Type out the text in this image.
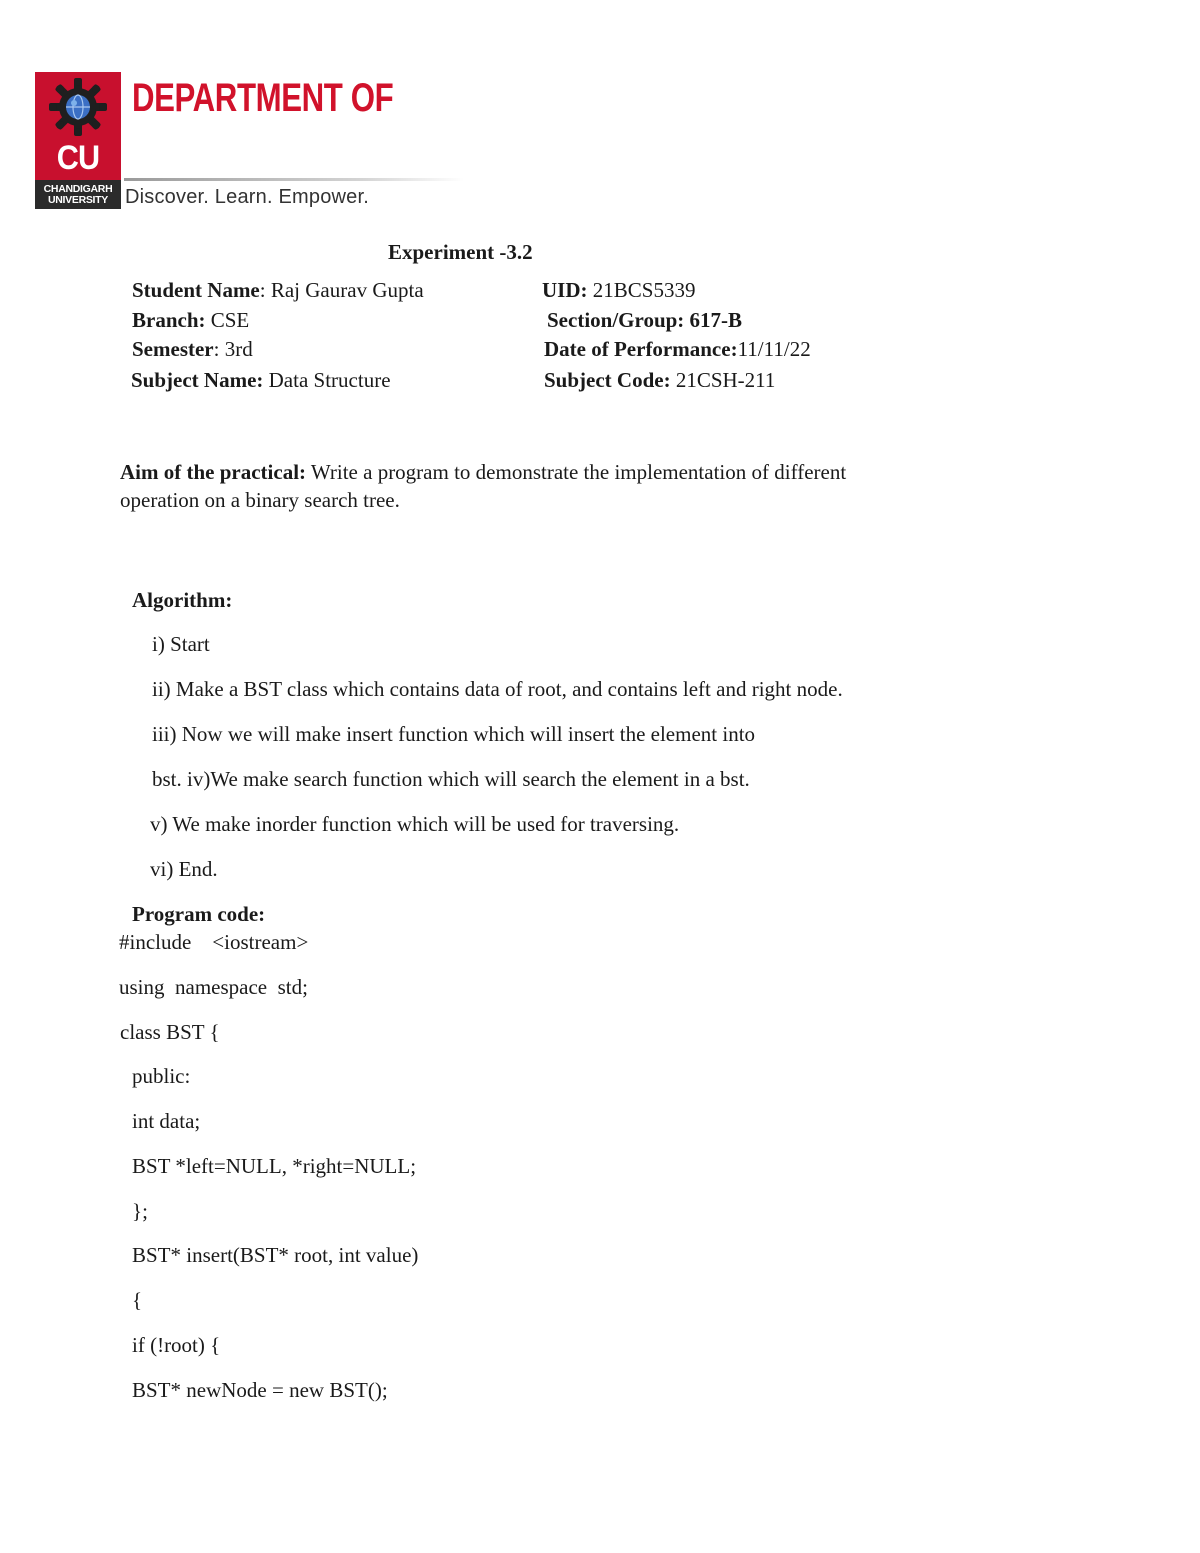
CU
CHANDIGARH
UNIVERSITY
DEPARTMENT OF
Discover. Learn. Empower.
Experiment -3.2
Student Name: Raj Gaurav Gupta	UID: 21BCS5339
Branch: CSE	Section/Group: 617-B
Semester: 3rd	Date of Performance:11/11/22
Subject Name: Data Structure	Subject Code: 21CSH-211
Aim of the practical: Write a program to demonstrate the implementation of different
operation on a binary search tree.
Algorithm:
i) Start
ii) Make a BST class which contains data of root, and contains left and right node.
iii) Now we will make insert function which will insert the element into
bst. iv)We make search function which will search the element in a bst.
v) We make inorder function which will be used for traversing.
vi) End.
Program code:
#include    <iostream>
using  namespace  std;
class BST {
public:
int data;
BST *left=NULL, *right=NULL;
};
BST* insert(BST* root, int value)
{
if (!root) {
BST* newNode = new BST();
